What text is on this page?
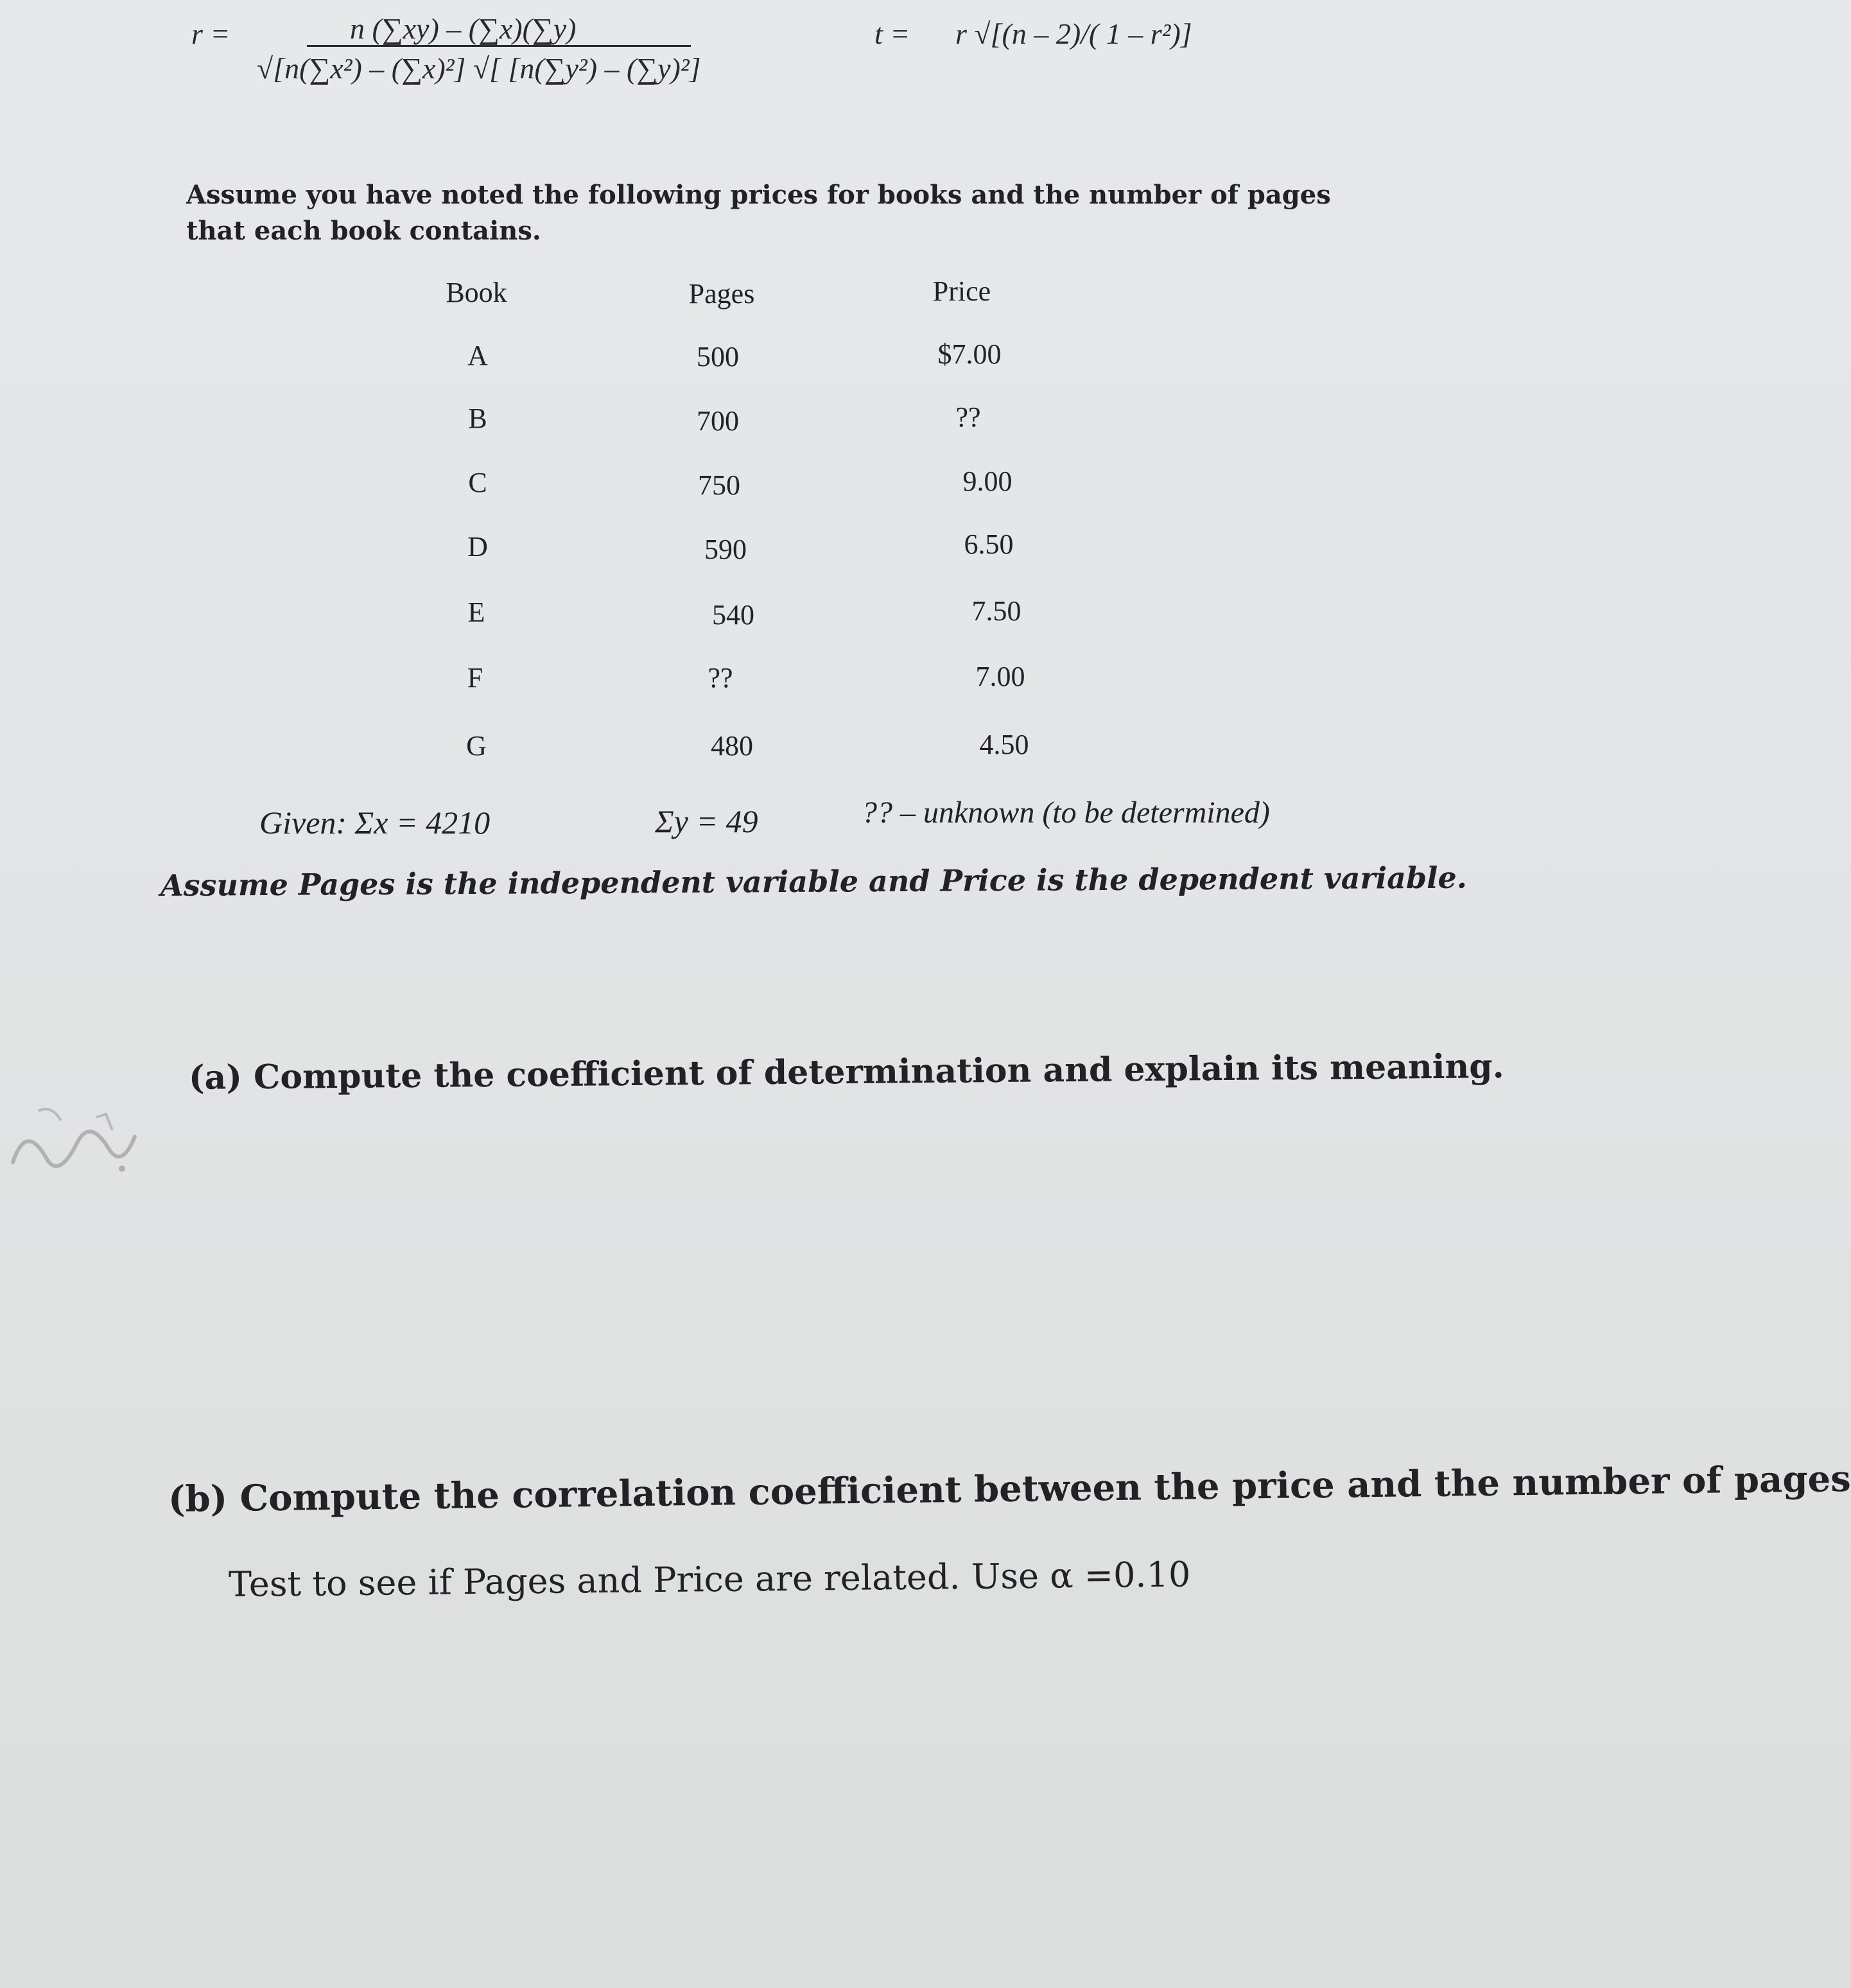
r =	n (∑xy) – (∑x)(∑y)
√[n(∑x²) – (∑x)²] √[ [n(∑y²) – (∑y)²]
t = r √[(n – 2)/( 1 – r²)]
Assume you have noted the following prices for books and the number of pages that each book contains.
Book	Pages	Price
A	500	$7.00
B	700	??
C	750	9.00
D	590	6.50
E	540	7.50
F	??	7.00
G	480	4.50
Given: Σx = 4210	Σy = 49	?? – unknown (to be determined)
Assume Pages is the independent variable and Price is the dependent variable.
(a) Compute the coefficient of determination and explain its meaning.
(b) Compute the correlation coefficient between the price and the number of pages
Test to see if Pages and Price are related. Use α =0.10
